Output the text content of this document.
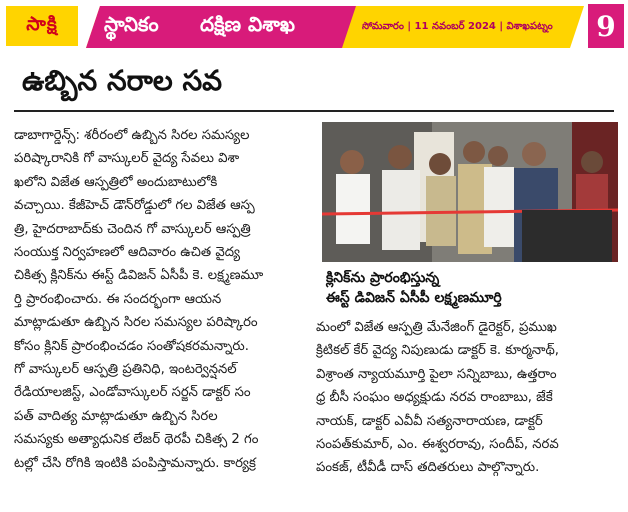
సాక్షి	స్థానికం దక్షిణ విశాఖ	సోమవారం | 11 నవంబర్ 2024 | విశాఖపట్నం 9
ఉబ్బిన నరాల సవ
డాబాగార్డెన్స్‌: శరీరంలో ఉబ్బిన సిరల సమస్యల
పరిష్కారానికి గో వాస్కులర్‌ వైద్య సేవలు విశా
ఖలోని విజేత ఆస్పత్రిలో అందుబాటులోకి
వచ్చాయి. కేజీహెచ్‌ డౌన్‌రోడ్డులో గల విజేత ఆస్ప
త్రి, హైదరాబాద్‌కు చెందిన గో వాస్కులర్‌ ఆస్పత్రి
సంయుక్త నిర్వహణలో ఆదివారం ఉచిత వైద్య
చికిత్స క్లినిక్‌ను ఈస్ట్‌ డివిజన్‌ ఏసీపీ కె. లక్ష్మణమూ
ర్తి ప్రారంభించారు. ఈ సందర్భంగా ఆయన
మాట్లాడుతూ ఉబ్బిన సిరల సమస్యల పరిష్కారం
కోసం క్లినిక్‌ ప్రారంభించడం సంతోషకరమన్నారు.
గో వాస్కులర్‌ ఆస్పత్రి ప్రతినిధి, ఇంటర్వెన్షనల్‌
రేడియాలజిస్ట్‌, ఎండోవాస్కులర్‌ సర్జన్‌ డాక్టర్‌ సం
పత్‌ వాదిత్య మాట్లాడుతూ ఉబ్బిన సిరల
సమస్యకు అత్యాధునిక లేజర్‌ థెరపీ చికిత్స 2 గం
టల్లో చేసి రోగికి ఇంటికి పంపిస్తామన్నారు. కార్యక్ర
క్లినిక్‌ను ప్రారంభిస్తున్న
ఈస్ట్‌ డివిజన్‌ ఏసీపీ లక్ష్మణమూర్తి
మంలో విజేత ఆస్పత్రి మేనేజింగ్‌ డైరెక్టర్‌, ప్రముఖ
క్రిటికల్‌ కేర్‌ వైద్య నిపుణుడు డాక్టర్‌ కె. కూర్మనాథ్‌,
విశ్రాంత న్యాయమూర్తి పైలా సన్నిబాబు, ఉత్తరాం
ధ్ర బీసీ సంఘం అధ్యక్షుడు నరవ రాంబాబు, జేకే
నాయక్‌, డాక్టర్‌ ఎవీవీ సత్యనారాయణ, డాక్టర్‌
సంపత్‌కుమార్‌, ఎం. ఈశ్వరరావు, సందీప్‌, నరవ
పంకజ్‌, టీవీడీ దాస్‌ తదితరులు పాల్గొన్నారు.
